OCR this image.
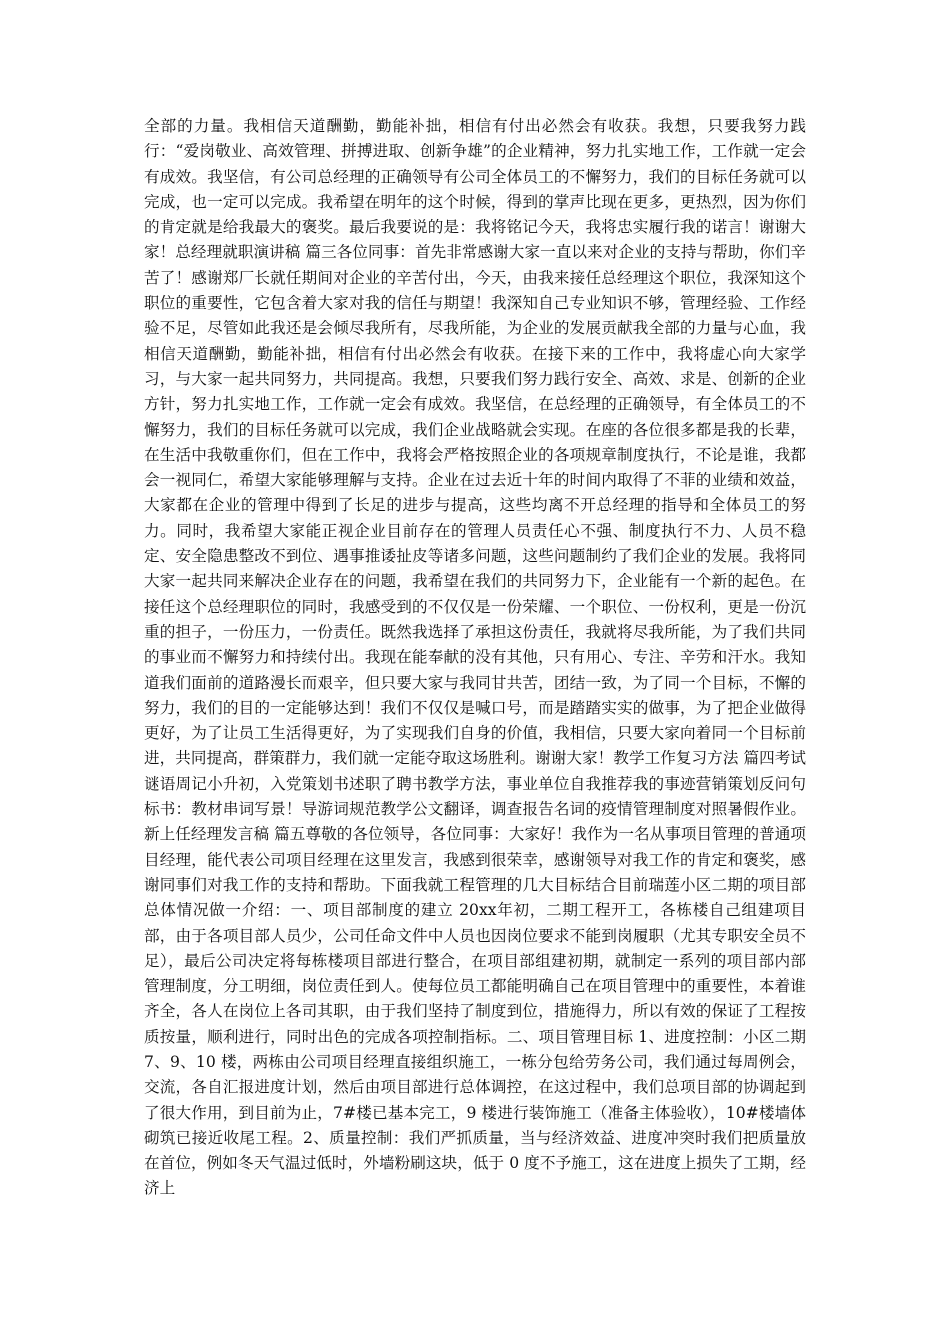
全部的力量。我相信天道酬勤，勤能补拙，相信有付出必然会有收获。我想，只要我努力践行：“爱岗敬业、高效管理、拼搏进取、创新争雄”的企业精神，努力扎实地工作，工作就一定会有成效。我坚信，有公司总经理的正确领导有公司全体员工的不懈努力，我们的目标任务就可以完成，也一定可以完成。我希望在明年的这个时候，得到的掌声比现在更多，更热烈，因为你们的肯定就是给我最大的褒奖。最后我要说的是：我将铭记今天，我将忠实履行我的诺言！谢谢大家！总经理就职演讲稿 篇三各位同事：首先非常感谢大家一直以来对企业的支持与帮助，你们辛苦了！感谢郑厂长就任期间对企业的辛苦付出，今天，由我来接任总经理这个职位，我深知这个职位的重要性，它包含着大家对我的信任与期望！我深知自己专业知识不够，管理经验、工作经验不足，尽管如此我还是会倾尽我所有，尽我所能，为企业的发展贡献我全部的力量与心血，我相信天道酬勤，勤能补拙，相信有付出必然会有收获。在接下来的工作中，我将虚心向大家学习，与大家一起共同努力，共同提高。我想，只要我们努力践行安全、高效、求是、创新的企业方针，努力扎实地工作，工作就一定会有成效。我坚信，在总经理的正确领导，有全体员工的不懈努力，我们的目标任务就可以完成，我们企业战略就会实现。在座的各位很多都是我的长辈，在生活中我敬重你们，但在工作中，我将会严格按照企业的各项规章制度执行，不论是谁，我都会一视同仁，希望大家能够理解与支持。企业在过去近十年的时间内取得了不菲的业绩和效益，大家都在企业的管理中得到了长足的进步与提高，这些均离不开总经理的指导和全体员工的努力。同时，我希望大家能正视企业目前存在的管理人员责任心不强、制度执行不力、人员不稳定、安全隐患整改不到位、遇事推诿扯皮等诸多问题，这些问题制约了我们企业的发展。我将同大家一起共同来解决企业存在的问题，我希望在我们的共同努力下，企业能有一个新的起色。在接任这个总经理职位的同时，我感受到的不仅仅是一份荣耀、一个职位、一份权利，更是一份沉重的担子，一份压力，一份责任。既然我选择了承担这份责任，我就将尽我所能，为了我们共同的事业而不懈努力和持续付出。我现在能奉献的没有其他，只有用心、专注、辛劳和汗水。我知道我们面前的道路漫长而艰辛，但只要大家与我同甘共苦，团结一致，为了同一个目标，不懈的努力，我们的目的一定能够达到！我们不仅仅是喊口号，而是踏踏实实的做事，为了把企业做得更好，为了让员工生活得更好，为了实现我们自身的价值，我相信，只要大家向着同一个目标前进，共同提高，群策群力，我们就一定能夺取这场胜利。谢谢大家！教学工作复习方法 篇四考试谜语周记小升初，入党策划书述职了聘书教学方法，事业单位自我推荐我的事迹营销策划反问句标书：教材串词写景！导游词规范教学公文翻译，调查报告名词的疫情管理制度对照暑假作业。新上任经理发言稿 篇五尊敬的各位领导，各位同事：大家好！我作为一名从事项目管理的普通项目经理，能代表公司项目经理在这里发言，我感到很荣幸，感谢领导对我工作的肯定和褒奖，感谢同事们对我工作的支持和帮助。下面我就工程管理的几大目标结合目前瑞莲小区二期的项目部总体情况做一介绍：一、项目部制度的建立 20xx年初，二期工程开工，各栋楼自己组建项目部，由于各项目部人员少，公司任命文件中人员也因岗位要求不能到岗履职（尤其专职安全员不足），最后公司决定将每栋楼项目部进行整合，在项目部组建初期，就制定一系列的项目部内部管理制度，分工明细，岗位责任到人。使每位员工都能明确自己在项目管理中的重要性，本着谁齐全，各人在岗位上各司其职，由于我们坚持了制度到位，措施得力，所以有效的保证了工程按质按量，顺利进行，同时出色的完成各项控制指标。二、项目管理目标 1、进度控制：小区二期 7、9、10 楼，两栋由公司项目经理直接组织施工，一栋分包给劳务公司，我们通过每周例会，交流，各自汇报进度计划，然后由项目部进行总体调控，在这过程中，我们总项目部的协调起到了很大作用，到目前为止，7#楼已基本完工，9 楼进行装饰施工（准备主体验收），10#楼墙体砌筑已接近收尾工程。2、质量控制：我们严抓质量，当与经济效益、进度冲突时我们把质量放在首位，例如冬天气温过低时，外墙粉刷这块，低于 0 度不予施工，这在进度上损失了工期，经济上
